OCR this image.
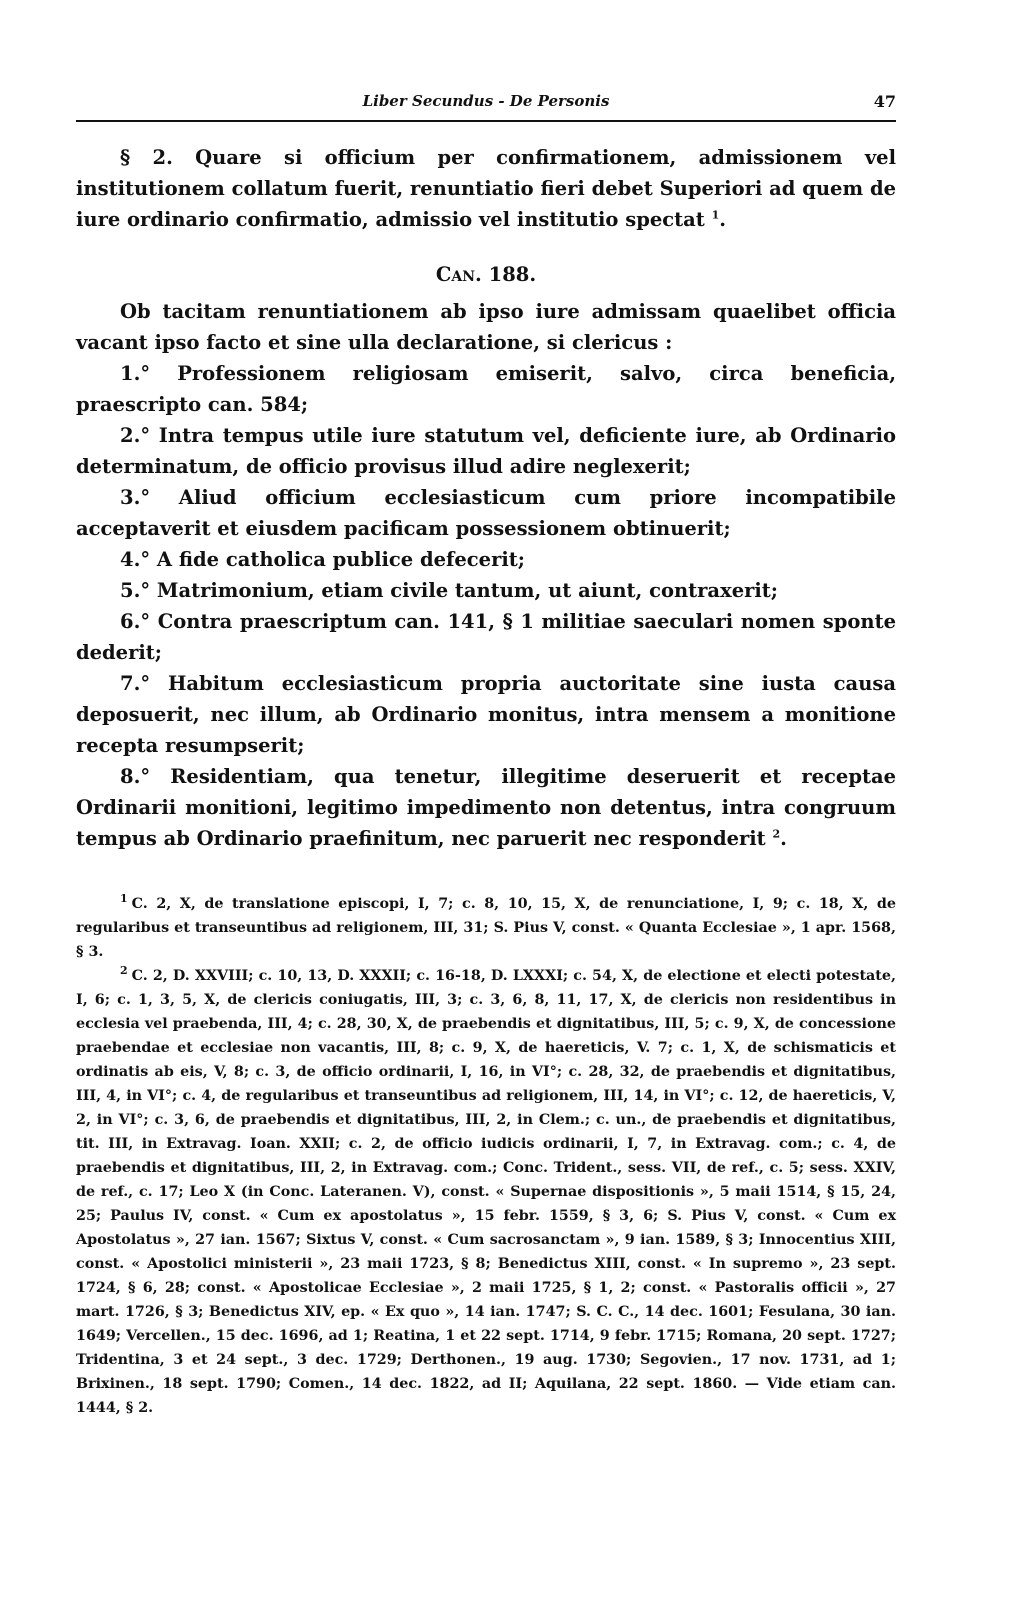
Liber Secundus - De Personis	47

§ 2. Quare si officium per confirmationem, admissionem vel institutionem collatum fuerit, renuntiatio fieri debet Superiori ad quem de iure ordinario confirmatio, admissio vel institutio spectat $^1$.

Can. 188.

Ob tacitam renuntiationem ab ipso iure admissam quaelibet officia vacant ipso facto et sine ulla declaratione, si clericus :

1.° Professionem religiosam emiserit, salvo, circa beneficia, praescripto can. 584;

2.° Intra tempus utile iure statutum vel, deficiente iure, ab Ordinario determinatum, de officio provisus illud adire neglexerit;

3.° Aliud officium ecclesiasticum cum priore incompatibile acceptaverit et eiusdem pacificam possessionem obtinuerit;

4.° A fide catholica publice defecerit;

5.° Matrimonium, etiam civile tantum, ut aiunt, contraxerit;

6.° Contra praescriptum can. 141, § 1 militiae saeculari nomen sponte dederit;

7.° Habitum ecclesiasticum propria auctoritate sine iusta causa deposuerit, nec illum, ab Ordinario monitus, intra mensem a monitione recepta resumpserit;

8.° Residentiam, qua tenetur, illegitime deseruerit et receptae Ordinarii monitioni, legitimo impedimento non detentus, intra congruum tempus ab Ordinario praefinitum, nec paruerit nec responderit $^2$.

$^1$ C. 2, X, de translatione episcopi, I, 7; c. 8, 10, 15, X, de renunciatione, I, 9; c. 18, X, de regularibus et transeuntibus ad religionem, III, 31; S. Pius V, const. « Quanta Ecclesiae », 1 apr. 1568, § 3.

$^2$ C. 2, D. XXVIII; c. 10, 13, D. XXXII; c. 16-18, D. LXXXI; c. 54, X, de electione et electi potestate, I, 6; c. 1, 3, 5, X, de clericis coniugatis, III, 3; c. 3, 6, 8, 11, 17, X, de clericis non residentibus in ecclesia vel praebenda, III, 4; c. 28, 30, X, de praebendis et dignitatibus, III, 5; c. 9, X, de concessione praebendae et ecclesiae non vacantis, III, 8; c. 9, X, de haereticis, V. 7; c. 1, X, de schismaticis et ordinatis ab eis, V, 8; c. 3, de officio ordinarii, I, 16, in VI°; c. 28, 32, de praebendis et dignitatibus, III, 4, in VI°; c. 4, de regularibus et transeuntibus ad religionem, III, 14, in VI°; c. 12, de haereticis, V, 2, in VI°; c. 3, 6, de praebendis et dignitatibus, III, 2, in Clem.; c. un., de praebendis et dignitatibus, tit. III, in Extravag. Ioan. XXII; c. 2, de officio iudicis ordinarii, I, 7, in Extravag. com.; c. 4, de praebendis et dignitatibus, III, 2, in Extravag. com.; Conc. Trident., sess. VII, de ref., c. 5; sess. XXIV, de ref., c. 17; Leo X (in Conc. Lateranen. V), const. « Supernae dispositionis », 5 maii 1514, § 15, 24, 25; Paulus IV, const. « Cum ex apostolatus », 15 febr. 1559, § 3, 6; S. Pius V, const. « Cum ex Apostolatus », 27 ian. 1567; Sixtus V, const. « Cum sacrosanctam », 9 ian. 1589, § 3; Innocentius XIII, const. « Apostolici ministerii », 23 maii 1723, § 8; Benedictus XIII, const. « In supremo », 23 sept. 1724, § 6, 28; const. « Apostolicae Ecclesiae », 2 maii 1725, § 1, 2; const. « Pastoralis officii », 27 mart. 1726, § 3; Benedictus XIV, ep. « Ex quo », 14 ian. 1747; S. C. C., 14 dec. 1601; Fesulana, 30 ian. 1649; Vercellen., 15 dec. 1696, ad 1; Reatina, 1 et 22 sept. 1714, 9 febr. 1715; Romana, 20 sept. 1727; Tridentina, 3 et 24 sept., 3 dec. 1729; Derthonen., 19 aug. 1730; Segovien., 17 nov. 1731, ad 1; Brixinen., 18 sept. 1790; Comen., 14 dec. 1822, ad II; Aquilana, 22 sept. 1860. — Vide etiam can. 1444, § 2.
